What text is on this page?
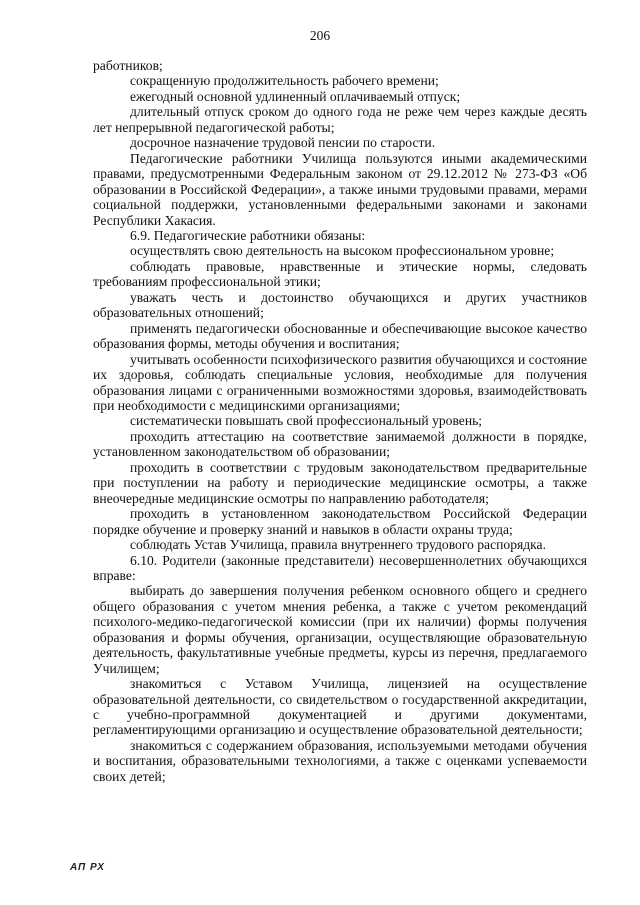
206

работников;

сокращенную продолжительность рабочего времени;

ежегодный основной удлиненный оплачиваемый отпуск;

длительный отпуск сроком до одного года не реже чем через каждые десять лет непрерывной педагогической работы;

досрочное назначение трудовой пенсии по старости.

Педагогические работники Училища пользуются иными академическими правами, предусмотренными Федеральным законом от 29.12.2012 № 273-ФЗ «Об образовании в Российской Федерации», а также иными трудовыми правами, мерами социальной поддержки, установленными федеральными законами и законами Республики Хакасия.

6.9. Педагогические работники обязаны:

осуществлять свою деятельность на высоком профессиональном уровне;

соблюдать правовые, нравственные и этические нормы, следовать требованиям профессиональной этики;

уважать честь и достоинство обучающихся и других участников образовательных отношений;

применять педагогически обоснованные и обеспечивающие высокое качество образования формы, методы обучения и воспитания;

учитывать особенности психофизического развития обучающихся и состояние их здоровья, соблюдать специальные условия, необходимые для получения образования лицами с ограниченными возможностями здоровья, взаимодействовать при необходимости с медицинскими организациями;

систематически повышать свой профессиональный уровень;

проходить аттестацию на соответствие занимаемой должности в порядке, установленном законодательством об образовании;

проходить в соответствии с трудовым законодательством предварительные при поступлении на работу и периодические медицинские осмотры, а также внеочередные медицинские осмотры по направлению работодателя;

проходить в установленном законодательством Российской Федерации порядке обучение и проверку знаний и навыков в области охраны труда;

соблюдать Устав Училища, правила внутреннего трудового распорядка.

6.10. Родители (законные представители) несовершеннолетних обучающихся вправе:

выбирать до завершения получения ребенком основного общего и среднего общего образования с учетом мнения ребенка, а также с учетом рекомендаций психолого-медико-педагогической комиссии (при их наличии) формы получения образования и формы обучения, организации, осуществляющие образовательную деятельность, факультативные учебные предметы, курсы из перечня, предлагаемого Училищем;

знакомиться с Уставом Училища, лицензией на осуществление образовательной деятельности, со свидетельством о государственной аккредитации, с учебно-программной документацией и другими документами, регламентирующими организацию и осуществление образовательной деятельности;

знакомиться с содержанием образования, используемыми методами обучения и воспитания, образовательными технологиями, а также с оценками успеваемости своих детей;

АП РХ
